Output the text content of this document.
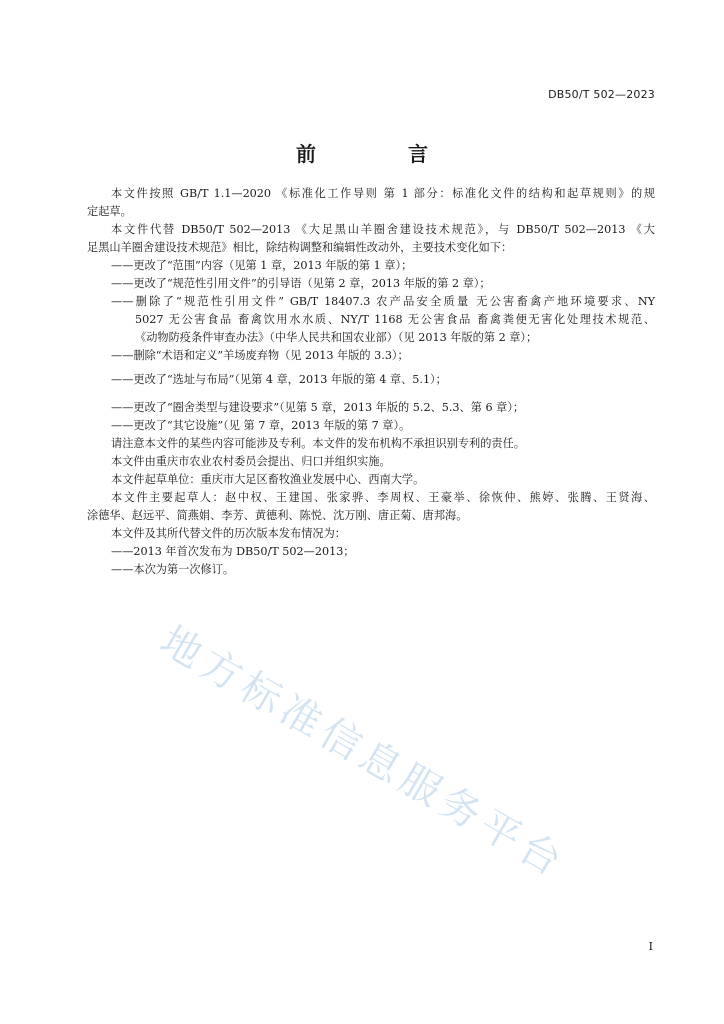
DB50/T 502—2023
前　言
本文件按照 GB/T 1.1—2020 《标准化工作导则 第 1 部分：标准化文件的结构和起草规则》的规
定起草。
本文件代替 DB50/T 502—2013 《大足黑山羊圈舍建设技术规范》，与 DB50/T 502—2013 《大
足黑山羊圈舍建设技术规范》相比，除结构调整和编辑性改动外，主要技术变化如下：
——更改了“范围”内容（见第 1 章，2013 年版的第 1 章）；
——更改了“规范性引用文件”的引导语（见第 2 章，2013 年版的第 2 章）；
——删除了“规范性引用文件” GB/T 18407.3 农产品安全质量 无公害畜禽产地环境要求、NY
5027 无公害食品 畜禽饮用水水质、NY/T 1168 无公害食品 畜禽粪便无害化处理技术规范、
《动物防疫条件审查办法》（中华人民共和国农业部）（见 2013 年版的第 2 章）；
——删除“术语和定义”羊场废弃物（见 2013 年版的 3.3）；
——更改了“选址与布局”（见第 4 章，2013 年版的第 4 章、5.1）；
——更改了“圈舍类型与建设要求”（见第 5 章，2013 年版的 5.2、5.3、第 6 章）；
——更改了“其它设施”（见 第 7 章，2013 年版的第 7 章）。
请注意本文件的某些内容可能涉及专利。本文件的发布机构不承担识别专利的责任。
本文件由重庆市农业农村委员会提出、归口并组织实施。
本文件起草单位：重庆市大足区畜牧渔业发展中心、西南大学。
本文件主要起草人：赵中权、王建国、张家骅、李周权、王豪举、徐恢仲、熊婷、张腾、王贤海、
涂德华、赵远平、简燕娟、李芳、黄德利、陈悦、沈万刚、唐正菊、唐邦海。
本文件及其所代替文件的历次版本发布情况为：
——2013 年首次发布为 DB50/T 502—2013；
——本次为第一次修订。
地方标准信息服务平台
I
